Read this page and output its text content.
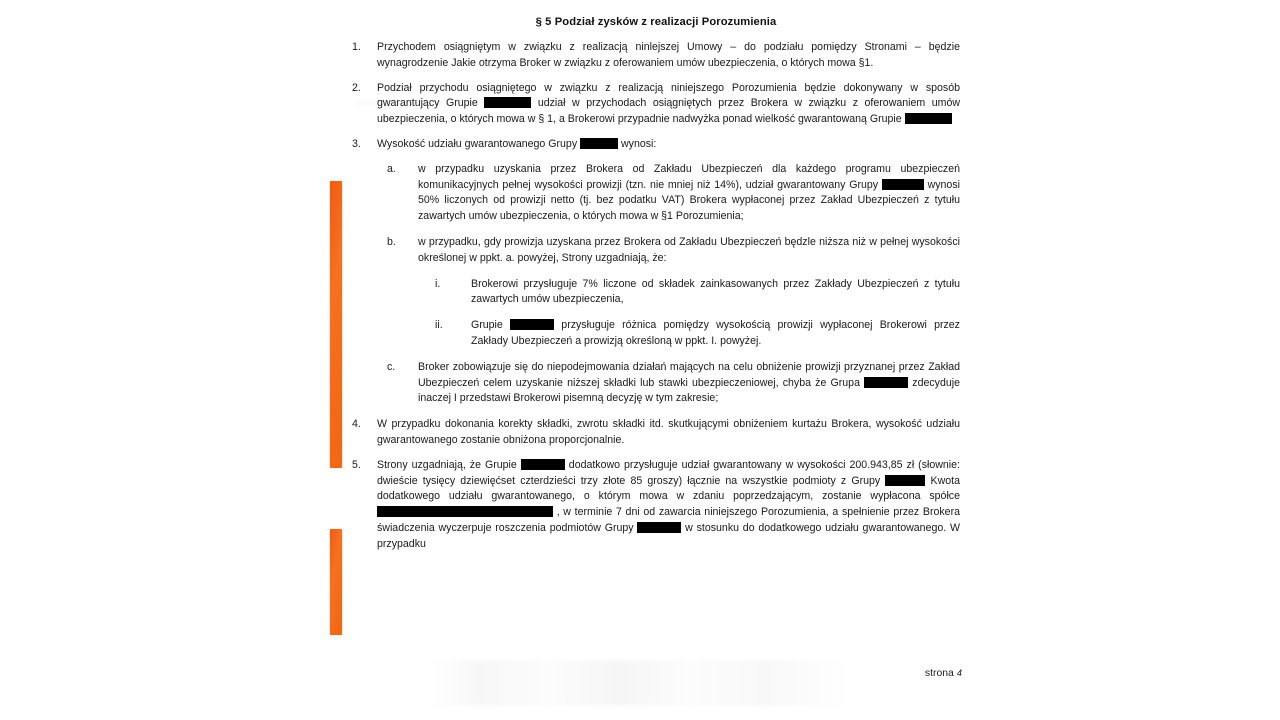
§ 5 Podział zysków z realizacji Porozumienia
1.	Przychodem osiągniętym w związku z realizacją ninlejszej Umowy – do podziału pomiędzy Stronami – będzie wynagrodzenie Jakie otrzyma Broker w związku z oferowaniem umów ubezpieczenia, o których mowa §1.
2.	Podział przychodu osiągniętego w związku z realizacją niniejszego Porozumienia będzie dokonywany w sposób gwarantujący Grupie	udział w przychodach osiągniętych przez Brokera w związku z oferowaniem umów ubezpieczenia, o których mowa w § 1, a Brokerowi przypadnie nadwyżka ponad wielkość gwarantowaną Grupie
3.	Wysokość udziału gwarantowanego Grupy	wynosi:
a.	w przypadku uzyskania przez Brokera od Zakładu Ubezpieczeń dla każdego programu ubezpieczeń komunikacyjnych pełnej wysokości prowizji (tzn. nie mniej niż 14%), udział gwarantowany Grupy	wynosi 50% liczonych od prowizji netto (tj. bez podatku VAT) Brokera wypłaconej przez Zakład Ubezpieczeń z tytułu zawartych umów ubezpieczenia, o których mowa w §1 Porozumienia;
b.	w przypadku, gdy prowizja uzyskana przez Brokera od Zakładu Ubezpieczeń będzle niższa niż w pełnej wysokości określonej w ppkt. a. powyżej, Strony uzgadniają, że:
i.	Brokerowi przysługuje 7% liczone od składek zainkasowanych przez Zakłady Ubezpieczeń z tytułu zawartych umów ubezpieczenia,
ii.	Grupie	przysługuje różnica pomiędzy wysokością prowizji wypłaconej Brokerowi przez Zakłady Ubezpieczeń a prowizją określoną w ppkt. I. powyżej.
c.	Broker zobowiązuje się do niepodejmowania działań mających na celu obniżenie prowizji przyznanej przez Zakład Ubezpieczeń celem uzyskanie niższej składki lub stawki ubezpieczeniowej, chyba że Grupa	zdecyduje inaczej I przedstawi Brokerowi pisemną decyzję w tym zakresie;
4.	W przypadku dokonania korekty składki, zwrotu składki itd. skutkującymi obniżeniem kurtażu Brokera, wysokość udziału gwarantowanego zostanie obniżona proporcjonalnie.
5.	Strony uzgadniają, że Grupie	dodatkowo przysługuje udział gwarantowany w wysokości 200.943,85 zł (słownie: dwieście tysięcy dziewięćset czterdzieści trzy złote 85 groszy) łącznie na wszystkie podmioty z Grupy	Kwota dodatkowego udziału gwarantowanego, o którym mowa w zdaniu poprzedzającym, zostanie wypłacona spółce  , w terminie 7 dni od zawarcia niniejszego Porozumienia, a spełnienie przez Brokera świadczenia wyczerpuje roszczenia podmiotów Grupy	w stosunku do dodatkowego udziału gwarantowanego. W przypadku
strona 4
